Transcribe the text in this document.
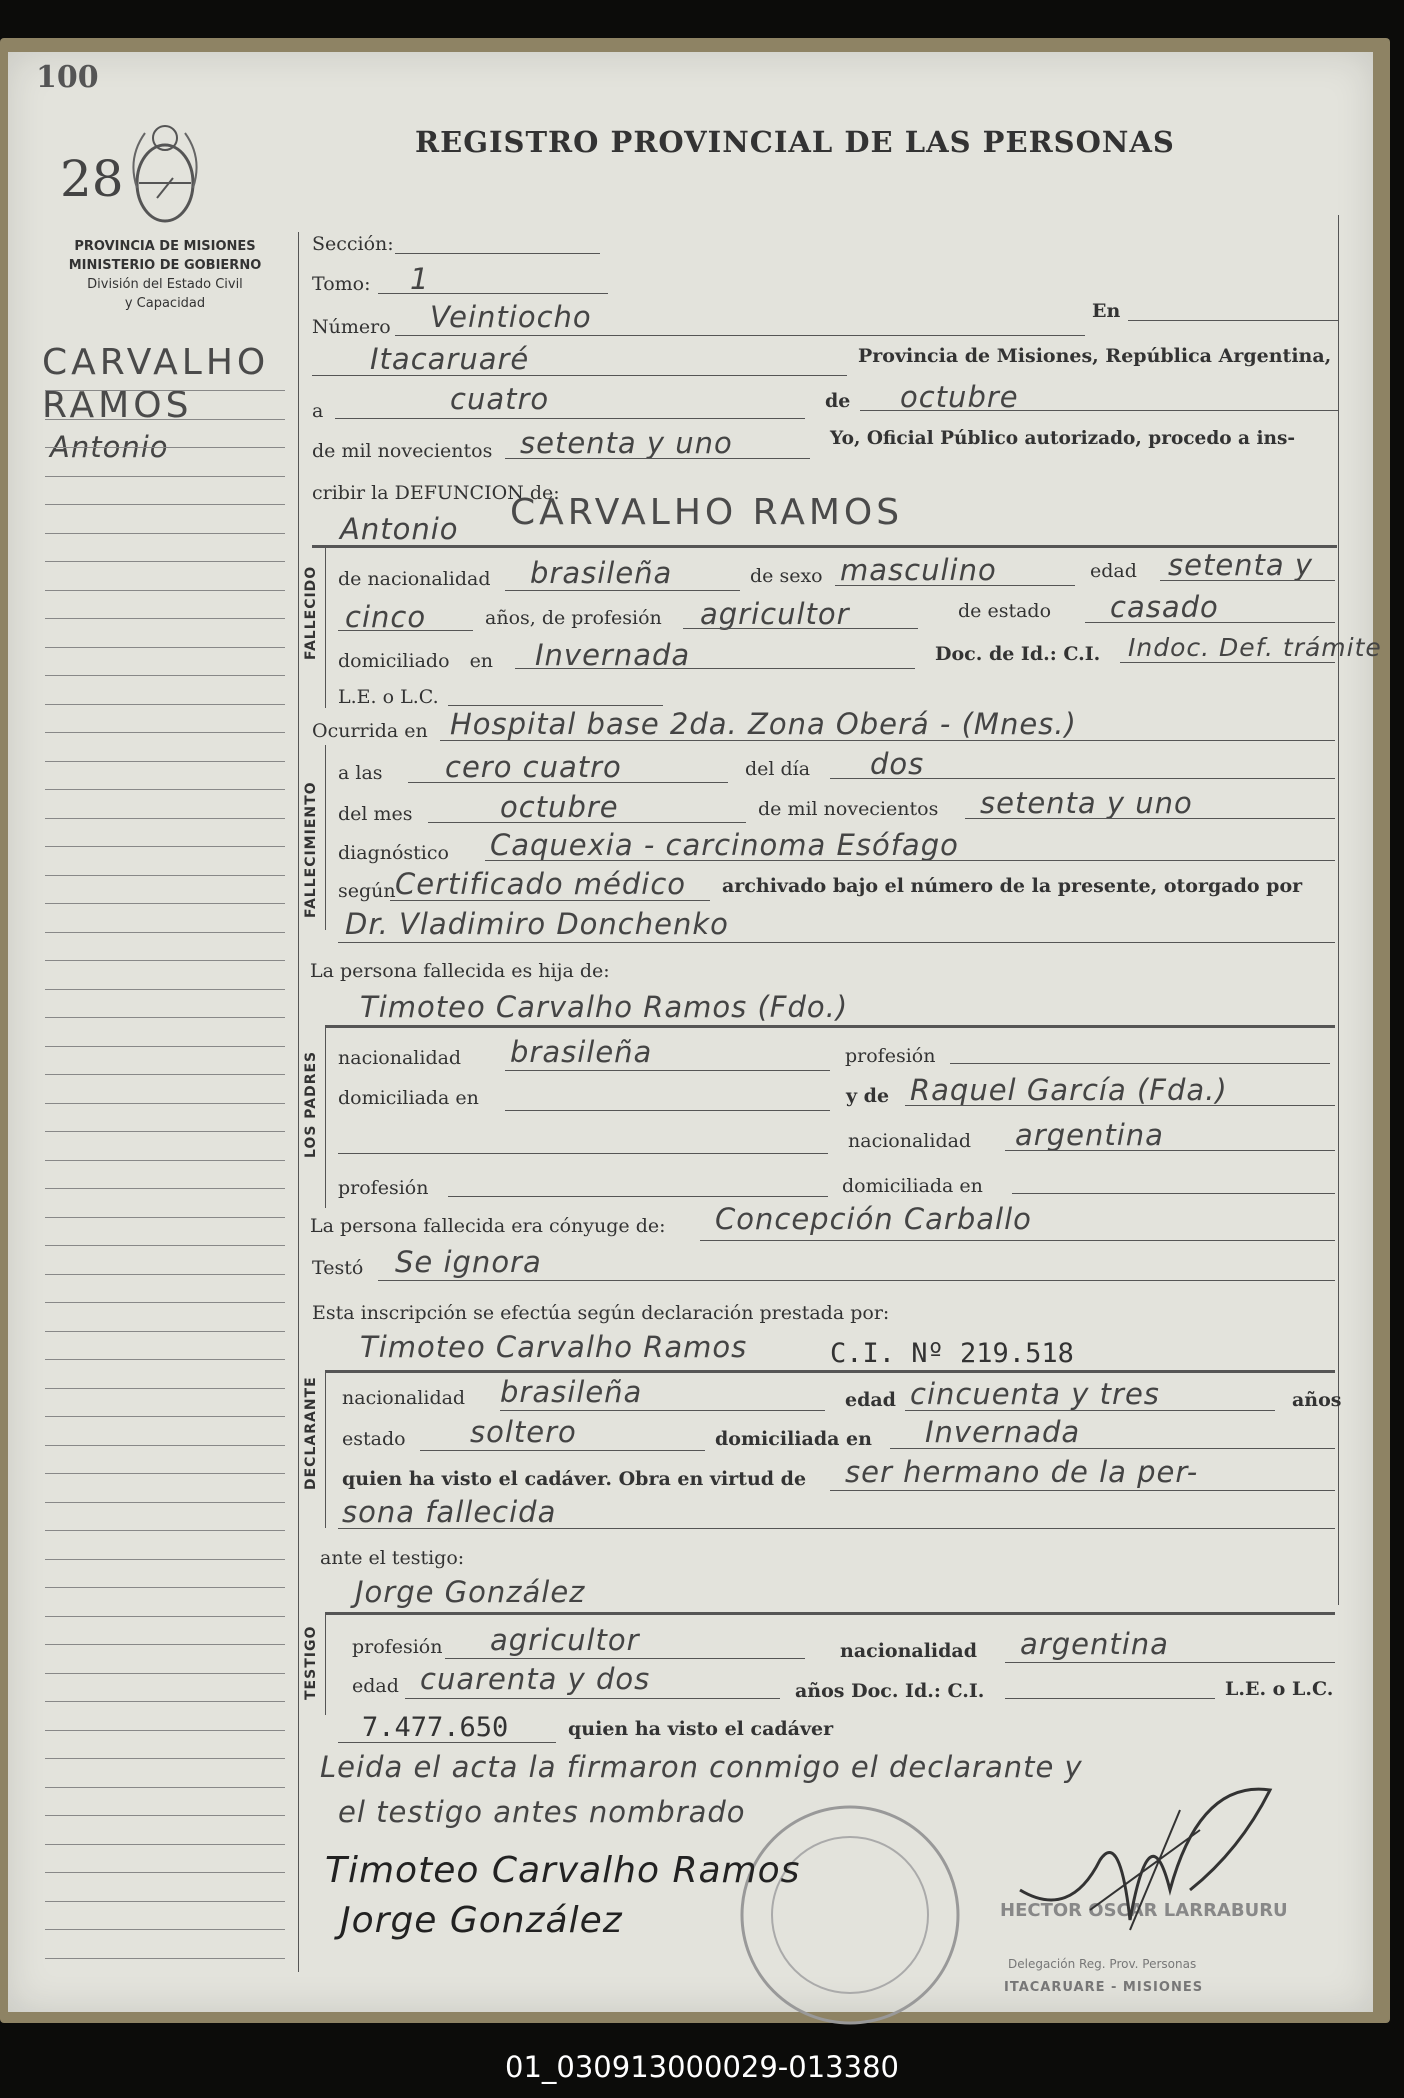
100
28
REGISTRO PROVINCIAL DE LAS PERSONAS
PROVINCIA DE MISIONES
MINISTERIO DE GOBIERNO
División del Estado Civil
y Capacidad
CARVALHO
RAMOS
Antonio
Sección:
Tomo: 1
Número Veintiocho	En
Itacaruaré	Provincia de Misiones, República Argentina,
a	cuatro	de octubre
de mil novecientos setenta y uno	Yo, Oficial Público autorizado, procedo a ins-
cribir la DEFUNCION de:
Antonio CARVALHO RAMOS
FALLECIDO de nacionalidad brasileña	de sexo masculino	edad setenta y
cinco	años, de profesión agricultor	de estado casado
domiciliado en Invernada	Doc. de Id.: C.I. Indoc. Def. trámite
L.E. o L.C.
Ocurrida en Hospital base 2da. Zona Oberá - (Mnes.)
FALLECIMIENTO
a las cero cuatro	del día dos
del mes	octubre	de mil novecientos setenta y uno
diagnóstico Caquexia - carcinoma Esófago
según Certificado médico archivado bajo el número de la presente, otorgado por
Dr. Vladimiro Donchenko
La persona fallecida es hija de:
Timoteo Carvalho Ramos (Fdo.)
LOS PADRES nacionalidad brasileña	profesión
domiciliada en	y de Raquel García (Fda.)
nacionalidad argentina
profesión	domiciliada en
La persona fallecida era cónyuge de: Concepción Carballo
Testó Se ignora
Esta inscripción se efectúa según declaración prestada por:
Timoteo Carvalho Ramos	C.I. Nº 219.518
DECLARANTE nacionalidad brasileña	edad cincuenta y tres	años
estado soltero	domiciliada en Invernada
quien ha visto el cadáver. Obra en virtud de ser hermano de la per-
sona fallecida
ante el testigo:
Jorge González
TESTIGO profesión agricultor	nacionalidad argentina
edad cuarenta y dos	años Doc. Id.: C.I.	L.E. o L.C.
7.477.650	quien ha visto el cadáver
Leida el acta la firmaron conmigo el declarante y
el testigo antes nombrado
HECTOR OSCAR LARRABURU
Delegación Reg. Prov. Personas
ITACARUARE - MISIONES
Timoteo Carvalho Ramos
Jorge González
01_030913000029-013380
